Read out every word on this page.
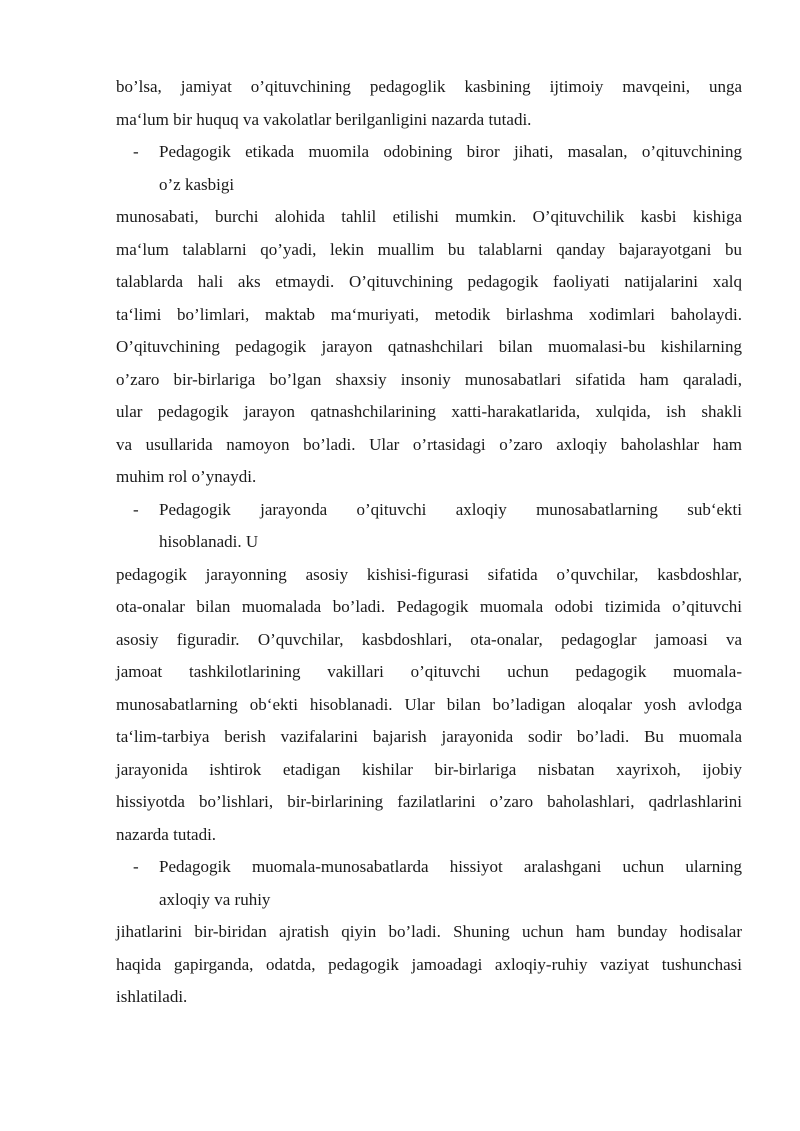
bo’lsa, jamiyat o’qituvchining pedagoglik kasbining ijtimoiy mavqeini, unga
ma‘lum bir huquq va vakolatlar berilganligini nazarda tutadi.
- Pedagogik etikada muomila odobining biror jihati, masalan, o’qituvchining
o’z kasbigi
munosabati, burchi alohida tahlil etilishi mumkin. O’qituvchilik kasbi kishiga
ma‘lum talablarni qo’yadi, lekin muallim bu talablarni qanday bajarayotgani bu
talablarda hali aks etmaydi. O’qituvchining pedagogik faoliyati natijalarini xalq
ta‘limi bo’limlari, maktab ma‘muriyati, metodik birlashma xodimlari baholaydi.
O’qituvchining pedagogik jarayon qatnashchilari bilan muomalasi-bu kishilarning
o’zaro bir-birlariga bo’lgan shaxsiy insoniy munosabatlari sifatida ham qaraladi,
ular pedagogik jarayon qatnashchilarining xatti-harakatlarida, xulqida, ish shakli
va usullarida namoyon bo’ladi. Ular o’rtasidagi o’zaro axloqiy baholashlar ham
muhim rol o’ynaydi.
- Pedagogik jarayonda o’qituvchi axloqiy munosabatlarning sub‘ekti
hisoblanadi. U
pedagogik jarayonning asosiy kishisi-figurasi sifatida o’quvchilar, kasbdoshlar,
ota-onalar bilan muomalada bo’ladi. Pedagogik muomala odobi tizimida o’qituvchi
asosiy figuradir. O’quvchilar, kasbdoshlari, ota-onalar, pedagoglar jamoasi va
jamoat tashkilotlarining vakillari o’qituvchi uchun pedagogik muomala-
munosabatlarning ob‘ekti hisoblanadi. Ular bilan bo’ladigan aloqalar yosh avlodga
ta‘lim-tarbiya berish vazifalarini bajarish jarayonida sodir bo’ladi. Bu muomala
jarayonida ishtirok etadigan kishilar bir-birlariga nisbatan xayrixoh, ijobiy
hissiyotda bo’lishlari, bir-birlarining fazilatlarini o’zaro baholashlari, qadrlashlarini
nazarda tutadi.
- Pedagogik muomala-munosabatlarda hissiyot aralashgani uchun ularning
axloqiy va ruhiy
jihatlarini bir-biridan ajratish qiyin bo’ladi. Shuning uchun ham bunday hodisalar
haqida gapirganda, odatda, pedagogik jamoadagi axloqiy-ruhiy vaziyat tushunchasi
ishlatiladi.
